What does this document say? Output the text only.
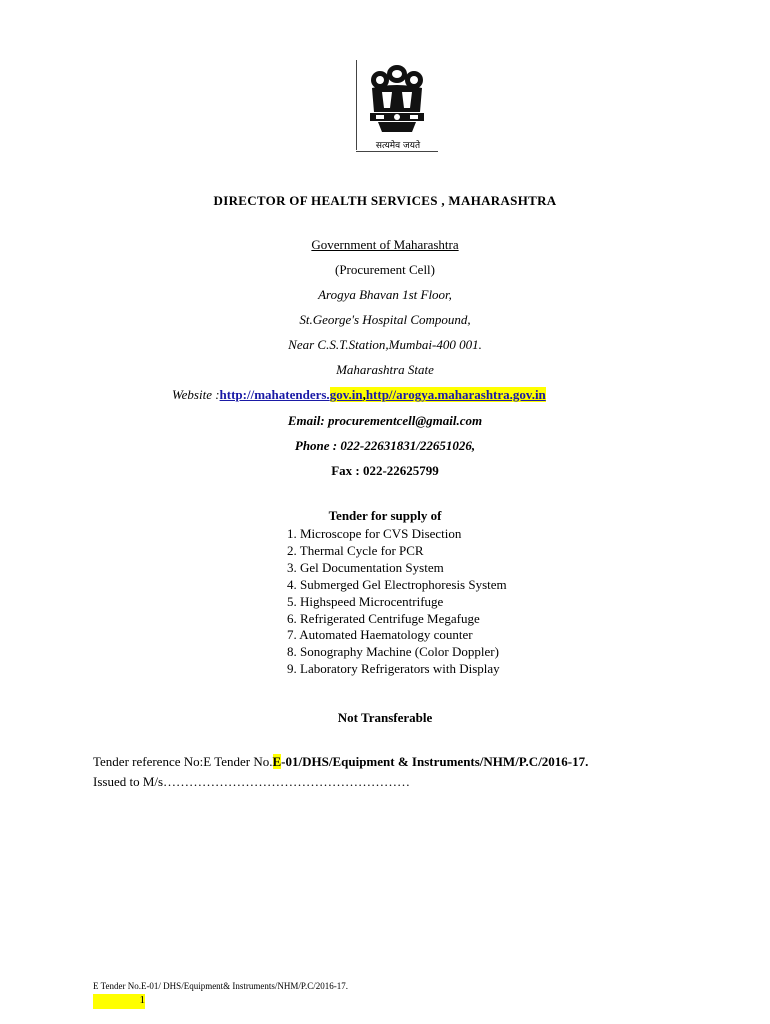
सत्यमेव जयते
DIRECTOR OF HEALTH SERVICES , MAHARASHTRA
Government of Maharashtra
(Procurement Cell)
Arogya Bhavan 1st Floor,
St.George's Hospital Compound,
Near C.S.T.Station,Mumbai-400 001.
Maharashtra State
Website :http://mahatenders.gov.in,http//arogya.maharashtra.gov.in
Email: procurementcell@gmail.com
Phone : 022-22631831/22651026,
Fax : 022-22625799
Tender for supply of
1. Microscope for CVS Disection
2. Thermal Cycle for PCR
3. Gel Documentation System
4. Submerged Gel Electrophoresis System
5. Highspeed Microcentrifuge
6. Refrigerated Centrifuge Megafuge
7. Automated Haematology counter
8. Sonography Machine (Color Doppler)
9. Laboratory Refrigerators with Display
Not Transferable
Tender reference No:E Tender No.E-01/DHS/Equipment & Instruments/NHM/P.C/2016-17.
Issued to M/s…………………………………………………
E Tender No.E-01/ DHS/Equipment& Instruments/NHM/P.C/2016-17.
1
